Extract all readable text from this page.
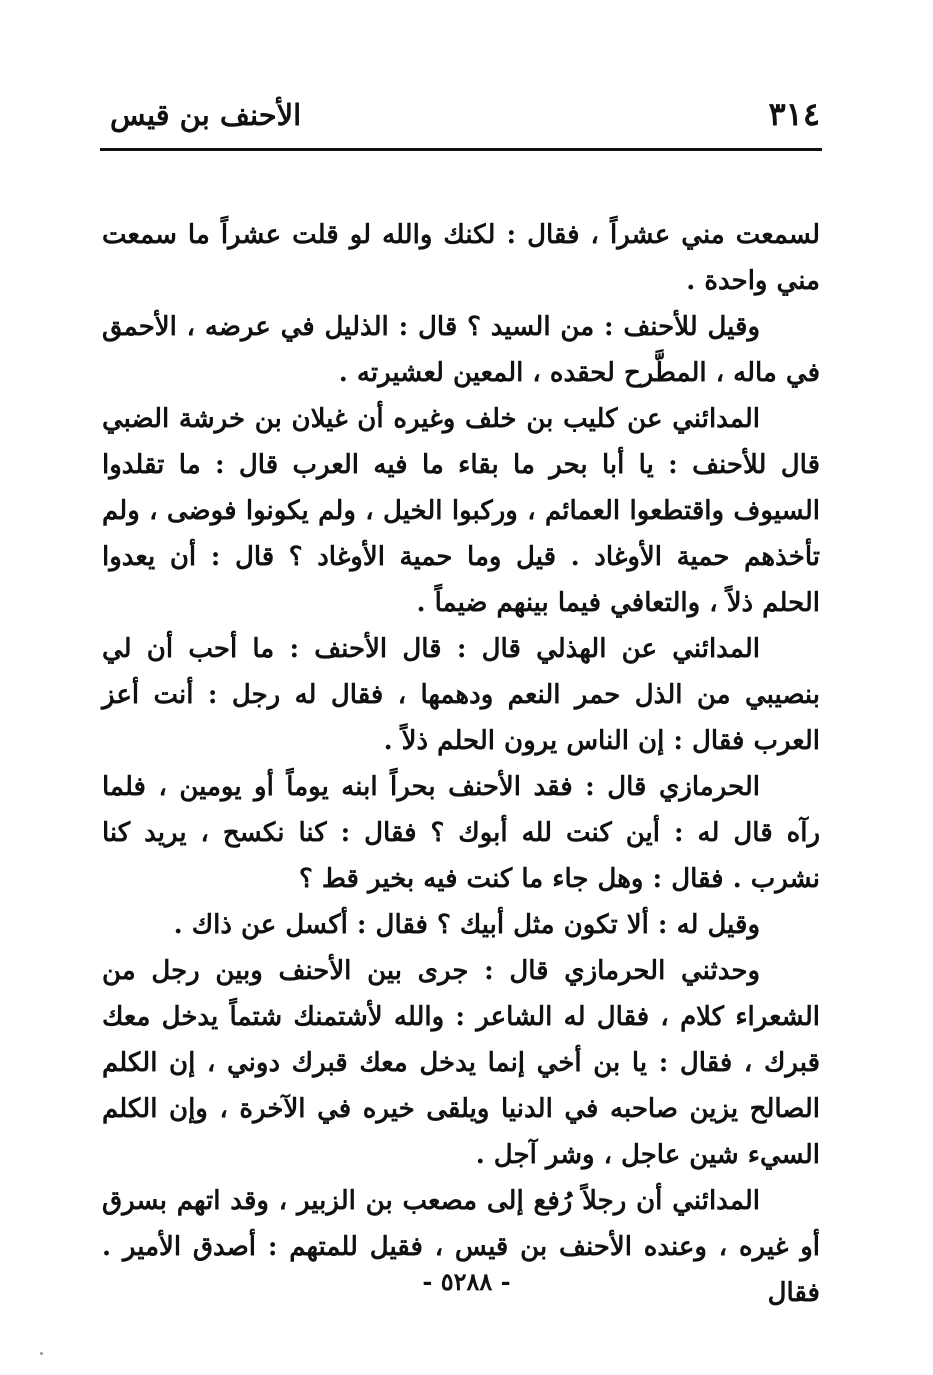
٣١٤
الأحنف بن قيس

لسمعت مني عشراً ، فقال : لكنك والله لو قلت عشراً ما سمعت مني واحدة .

وقيل للأحنف : من السيد ؟ قال : الذليل في عرضه ، الأحمق في ماله ، المطَّرح لحقده ، المعين لعشيرته .

المدائني عن كليب بن خلف وغيره أن غيلان بن خرشة الضبي قال للأحنف : يا أبا بحر ما بقاء ما فيه العرب قال : ما تقلدوا السيوف واقتطعوا العمائم ، وركبوا الخيل ، ولم يكونوا فوضى ، ولم تأخذهم حمية الأوغاد . قيل وما حمية الأوغاد ؟ قال : أن يعدوا الحلم ذلاً ، والتعافي فيما بينهم ضيماً .

المدائني عن الهذلي قال : قال الأحنف : ما أحب أن لي بنصيبي من الذل حمر النعم ودهمها ، فقال له رجل : أنت أعز العرب فقال : إن الناس يرون الحلم ذلاً .

الحرمازي قال : فقد الأحنف بحراً ابنه يوماً أو يومين ، فلما رآه قال له : أين كنت لله أبوك ؟ فقال : كنا نكسح ، يريد كنا نشرب . فقال : وهل جاء ما كنت فيه بخير قط ؟

وقيل له : ألا تكون مثل أبيك ؟ فقال : أكسل عن ذاك .

وحدثني الحرمازي قال : جرى بين الأحنف وبين رجل من الشعراء كلام ، فقال له الشاعر : والله لأشتمنك شتماً يدخل معك قبرك ، فقال : يا بن أخي إنما يدخل معك قبرك دوني ، إن الكلم الصالح يزين صاحبه في الدنيا ويلقى خيره في الآخرة ، وإن الكلم السيء شين عاجل ، وشر آجل .

المدائني أن رجلاً رُفع إلى مصعب بن الزبير ، وقد اتهم بسرق أو غيره ، وعنده الأحنف بن قيس ، فقيل للمتهم : أصدق الأمير . فقال

- ٥٢٨٨ -
